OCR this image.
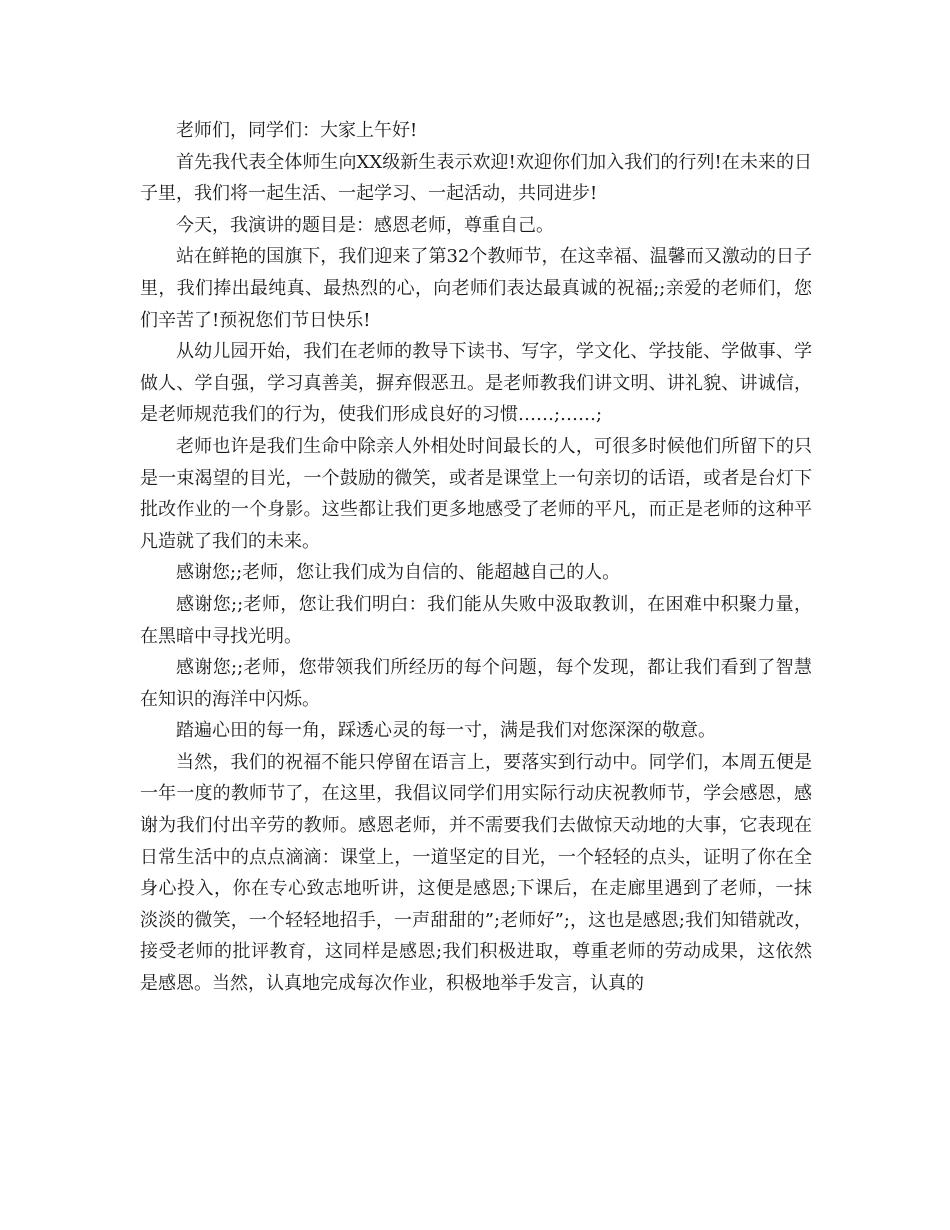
老师们，同学们：大家上午好!

首先我代表全体师生向XX级新生表示欢迎!欢迎你们加入我们的行列!在未来的日子里，我们将一起生活、一起学习、一起活动，共同进步!

今天，我演讲的题目是：感恩老师，尊重自己。

站在鲜艳的国旗下，我们迎来了第32个教师节，在这幸福、温馨而又激动的日子里，我们捧出最纯真、最热烈的心，向老师们表达最真诚的祝福;;亲爱的老师们，您们辛苦了!预祝您们节日快乐!

从幼儿园开始，我们在老师的教导下读书、写字，学文化、学技能、学做事、学做人、学自强，学习真善美，摒弃假恶丑。是老师教我们讲文明、讲礼貌、讲诚信，是老师规范我们的行为，使我们形成良好的习惯……;……;

老师也许是我们生命中除亲人外相处时间最长的人，可很多时候他们所留下的只是一束渴望的目光，一个鼓励的微笑，或者是课堂上一句亲切的话语，或者是台灯下批改作业的一个身影。这些都让我们更多地感受了老师的平凡，而正是老师的这种平凡造就了我们的未来。

感谢您;;老师，您让我们成为自信的、能超越自己的人。

感谢您;;老师，您让我们明白：我们能从失败中汲取教训，在困难中积聚力量，在黑暗中寻找光明。

感谢您;;老师，您带领我们所经历的每个问题，每个发现，都让我们看到了智慧在知识的海洋中闪烁。

踏遍心田的每一角，踩透心灵的每一寸，满是我们对您深深的敬意。

当然，我们的祝福不能只停留在语言上，要落实到行动中。同学们，本周五便是一年一度的教师节了，在这里，我倡议同学们用实际行动庆祝教师节，学会感恩，感谢为我们付出辛劳的教师。感恩老师，并不需要我们去做惊天动地的大事，它表现在日常生活中的点点滴滴：课堂上，一道坚定的目光，一个轻轻的点头，证明了你在全身心投入，你在专心致志地听讲，这便是感恩;下课后，在走廊里遇到了老师，一抹淡淡的微笑，一个轻轻地招手，一声甜甜的”;老师好”;，这也是感恩;我们知错就改，接受老师的批评教育，这同样是感恩;我们积极进取，尊重老师的劳动成果，这依然是感恩。当然，认真地完成每次作业，积极地举手发言，认真的
